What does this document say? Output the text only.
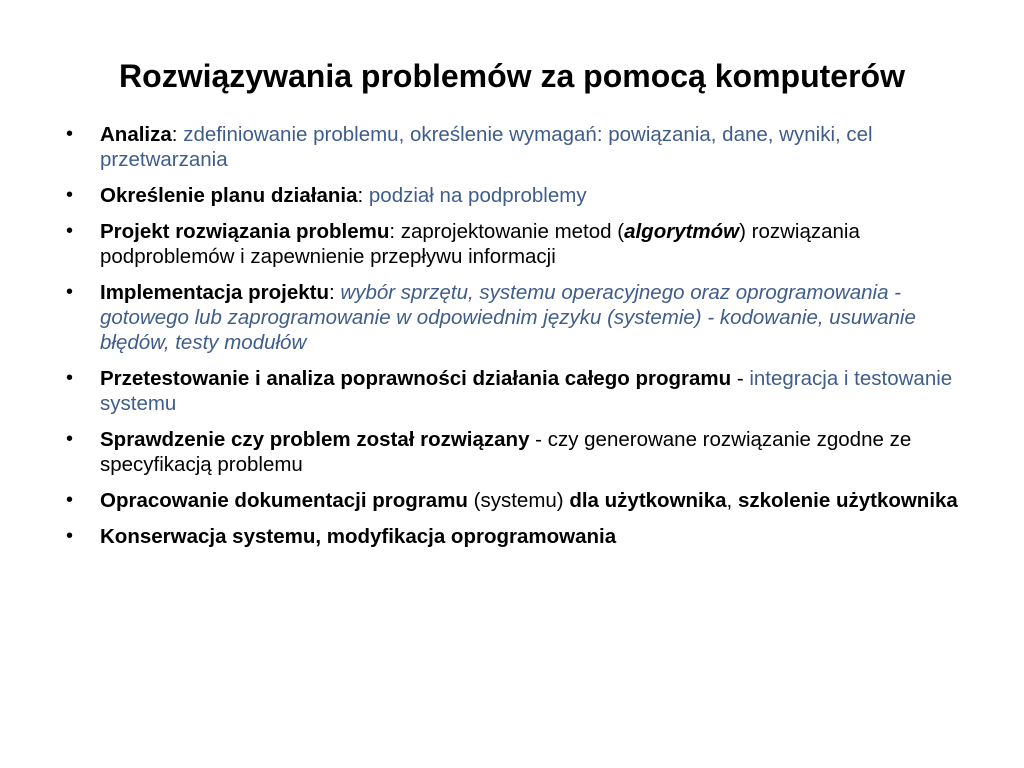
Rozwiązywania problemów za pomocą komputerów
• Analiza: zdefiniowanie problemu, określenie wymagań: powiązania, dane, wyniki, cel przetwarzania
• Określenie planu działania: podział na podproblemy
• Projekt rozwiązania problemu: zaprojektowanie metod (algorytmów) rozwiązania podproblemów i zapewnienie przepływu informacji
• Implementacja projektu: wybór sprzętu, systemu operacyjnego oraz oprogramowania - gotowego lub zaprogramowanie w odpowiednim języku (systemie) - kodowanie, usuwanie błędów, testy modułów
• Przetestowanie i analiza poprawności działania całego programu - integracja i testowanie systemu
• Sprawdzenie czy problem został rozwiązany - czy generowane rozwiązanie zgodne ze specyfikacją problemu
• Opracowanie dokumentacji programu (systemu) dla użytkownika, szkolenie użytkownika
• Konserwacja systemu, modyfikacja oprogramowania
